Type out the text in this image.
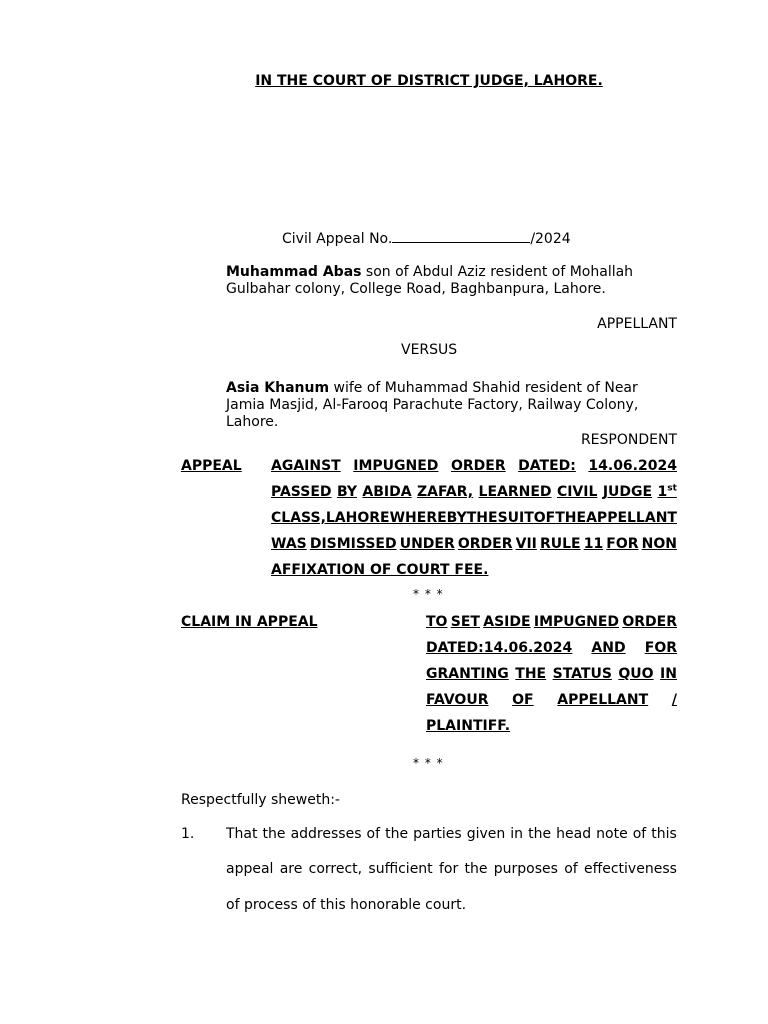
IN THE COURT OF DISTRICT JUDGE, LAHORE.
Civil Appeal No.	/2024
Muhammad Abas son of Abdul Aziz resident of Mohallah
Gulbahar colony, College Road, Baghbanpura, Lahore.
APPELLANT
VERSUS
Asia Khanum wife of Muhammad Shahid resident of Near
Jamia Masjid, Al-Farooq Parachute Factory, Railway Colony,
Lahore.
RESPONDENT
APPEAL AGAINST IMPUGNED ORDER DATED: 14.06.2024
PASSED BY ABIDA ZAFAR, LEARNED CIVIL JUDGE 1st
CLASS, LAHORE WHEREBY THE SUIT OF THE APPELLANT
WAS DISMISSED UNDER ORDER VII RULE 11 FOR NON
AFFIXATION OF COURT FEE.
* * *
CLAIM IN APPEAL	TO SET ASIDE IMPUGNED ORDER
DATED:14.06.2024 AND FOR
GRANTING THE STATUS QUO IN
FAVOUR OF APPELLANT /
PLAINTIFF.
* * *
Respectfully sheweth:-
1. That the addresses of the parties given in the head note of this
appeal are correct, sufficient for the purposes of effectiveness
of process of this honorable court.
